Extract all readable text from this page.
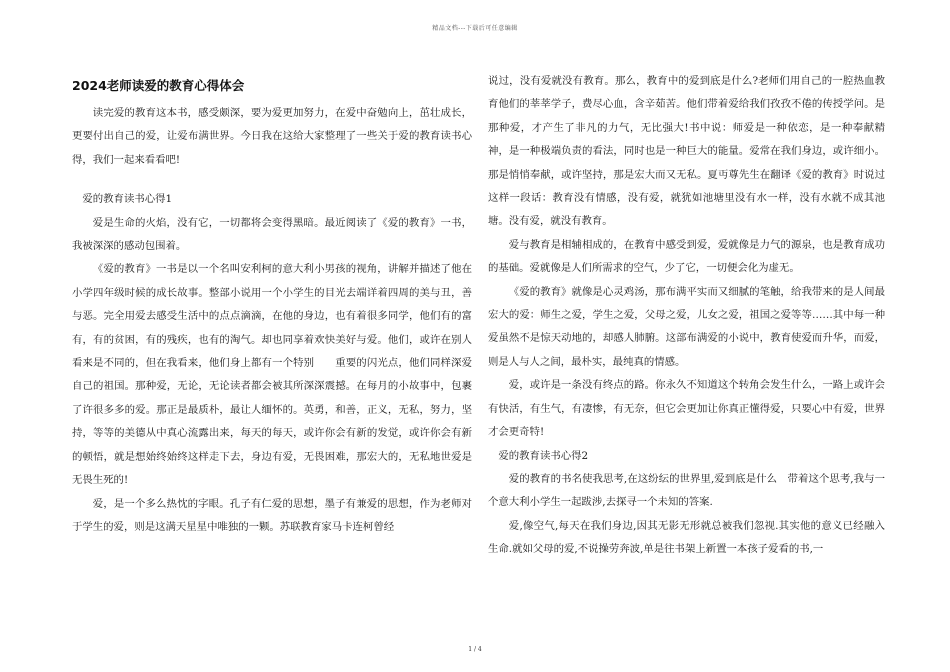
精品文档---下载后可任意编辑
2024老师读爱的教育心得体会

读完爱的教育这本书，感受颇深，要为爱更加努力，在爱中奋勉向上，茁壮成长，更要付出自己的爱，让爱布满世界。今日我在这给大家整理了一些关于爱的教育读书心得，我们一起来看看吧!

爱的教育读书心得1

爱是生命的火焰，没有它，一切都将会变得黑暗。最近阅读了《爱的教育》一书，我被深深的感动包围着。

《爱的教育》一书是以一个名叫安利柯的意大利小男孩的视角，讲解并描述了他在小学四年级时候的成长故事。整部小说用一个小学生的目光去端详着四周的美与丑，善与恶。完全用爱去感受生活中的点点滴滴，在他的身边，也有着很多同学，他们有的富有，有的贫困，有的残疾，也有的淘气。却也同享着欢快美好与爱。他们，或许在别人看来是不同的，但在我看来，他们身上都有一个特别　　重要的闪光点，他们同样深爱自己的祖国。那种爱，无论，无论读者都会被其所深深震撼。在每月的小故事中，包裹了许很多多的爱。那正是最质朴，最让人缅怀的。英勇，和善，正义，无私，努力，坚持，等等的美德从中真心流露出来，每天的每天，或许你会有新的发觉，或许你会有新的顿悟，就是想始终始终这样走下去，身边有爱，无畏困难，那宏大的，无私地世爱是无畏生死的!

爱，是一个多么热忱的字眼。孔子有仁爱的思想，墨子有兼爱的思想，作为老师对于学生的爱，则是这满天星星中唯独的一颗。苏联教育家马卡连柯曾经

说过，没有爱就没有教育。那么，教育中的爱到底是什么?老师们用自己的一腔热血教育他们的莘莘学子，费尽心血，含辛茹苦。他们带着爱给我们孜孜不倦的传授学问。是那种爱，才产生了非凡的力气，无比强大!书中说：师爱是一种依恋，是一种奉献精神，是一种极端负责的看法，同时也是一种巨大的能量。爱常在我们身边，或许细小。那是悄悄奉献，或许坚持，那是宏大而又无私。夏丏尊先生在翻译《爱的教育》时说过这样一段话：教育没有情感，没有爱，就犹如池塘里没有水一样，没有水就不成其池塘。没有爱，就没有教育。

爱与教育是相辅相成的，在教育中感受到爱，爱就像是力气的源泉，也是教育成功的基础。爱就像是人们所需求的空气，少了它，一切便会化为虚无。

《爱的教育》就像是心灵鸡汤，那布满平实而又细腻的笔触，给我带来的是人间最宏大的爱：师生之爱，学生之爱，父母之爱，儿女之爱，祖国之爱等等……其中每一种爱虽然不是惊天动地的，却感人肺腑。这部布满爱的小说中，教育使爱而升华，而爱，则是人与人之间，最朴实，最纯真的情感。

爱，或许是一条没有终点的路。你永久不知道这个转角会发生什么，一路上或许会有快活，有生气，有凄惨，有无奈，但它会更加让你真正懂得爱，只要心中有爱，世界才会更奇特!

爱的教育读书心得2

爱的教育的书名使我思考,在这纷纭的世界里,爱到底是什么　带着这个思考,我与一个意大利小学生一起跋涉,去探寻一个未知的答案.

爱,像空气,每天在我们身边,因其无影无形就总被我们忽视.其实他的意义已经融入生命.就如父母的爱,不说操劳奔波,单是往书架上新置一本孩子爱看的书,一

1 / 4
